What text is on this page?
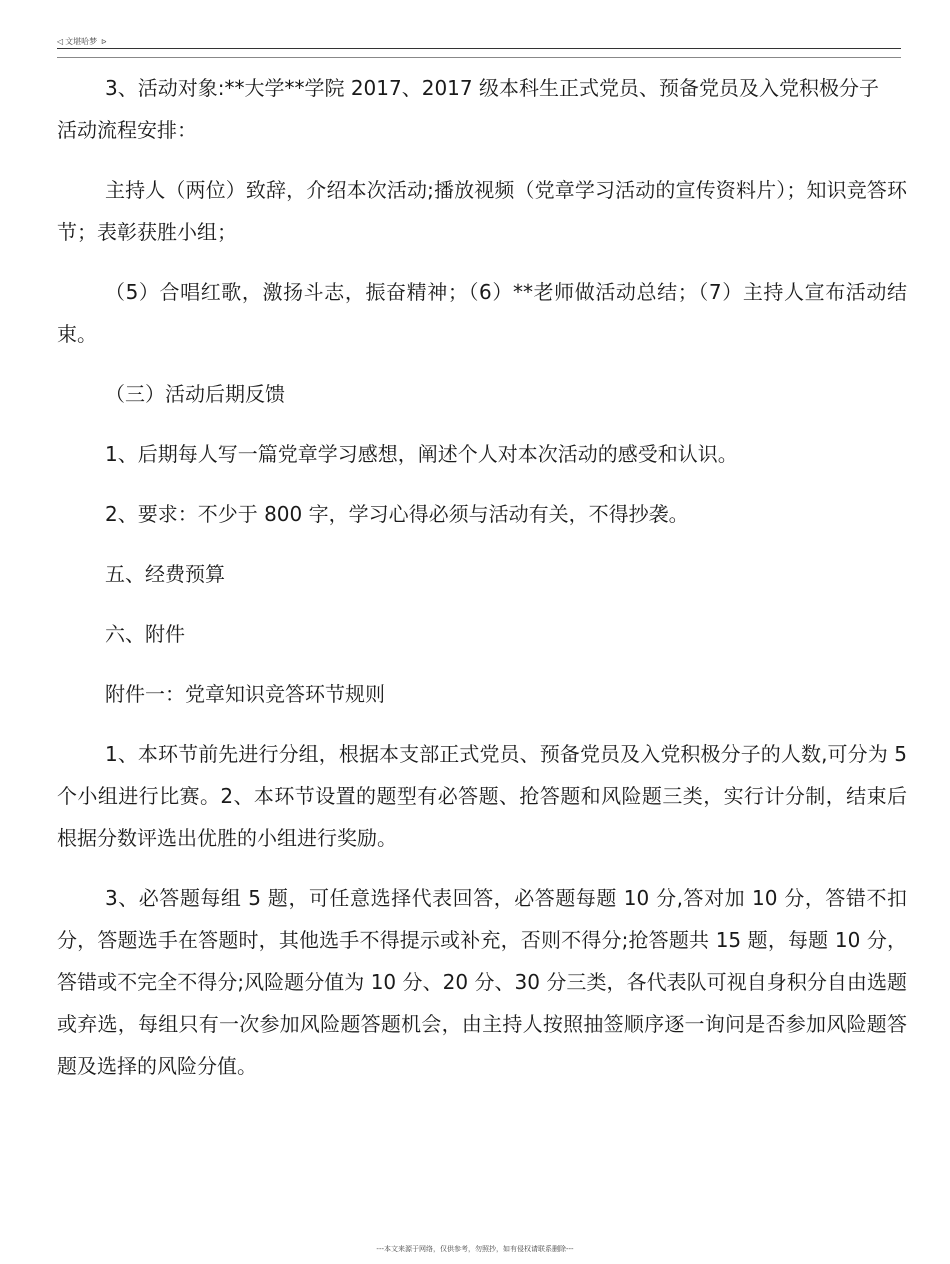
◁ 文堪哈梦 ᐅ

3、活动对象:**大学**学院 2017、2017 级本科生正式党员、预备党员及入党积极分子

活动流程安排：

主持人（两位）致辞，介绍本次活动;播放视频（党章学习活动的宣传资料片）；知识竞答环节；表彰获胜小组；

（5）合唱红歌，激扬斗志，振奋精神；（6）**老师做活动总结；（7）主持人宣布活动结束。

（三）活动后期反馈

1、后期每人写一篇党章学习感想，阐述个人对本次活动的感受和认识。

2、要求：不少于 800 字，学习心得必须与活动有关，不得抄袭。

五、经费预算

六、附件

附件一：党章知识竞答环节规则

1、本环节前先进行分组，根据本支部正式党员、预备党员及入党积极分子的人数,可分为 5 个小组进行比赛。2、本环节设置的题型有必答题、抢答题和风险题三类，实行计分制，结束后根据分数评选出优胜的小组进行奖励。

3、必答题每组 5 题，可任意选择代表回答，必答题每题 10 分,答对加 10 分，答错不扣分，答题选手在答题时，其他选手不得提示或补充，否则不得分;抢答题共 15 题，每题 10 分，答错或不完全不得分;风险题分值为 10 分、20 分、30 分三类，各代表队可视自身积分自由选题或弃选，每组只有一次参加风险题答题机会，由主持人按照抽签顺序逐一询问是否参加风险题答题及选择的风险分值。

---本文来源于网络，仅供参考，勿照抄，如有侵权请联系删除---
